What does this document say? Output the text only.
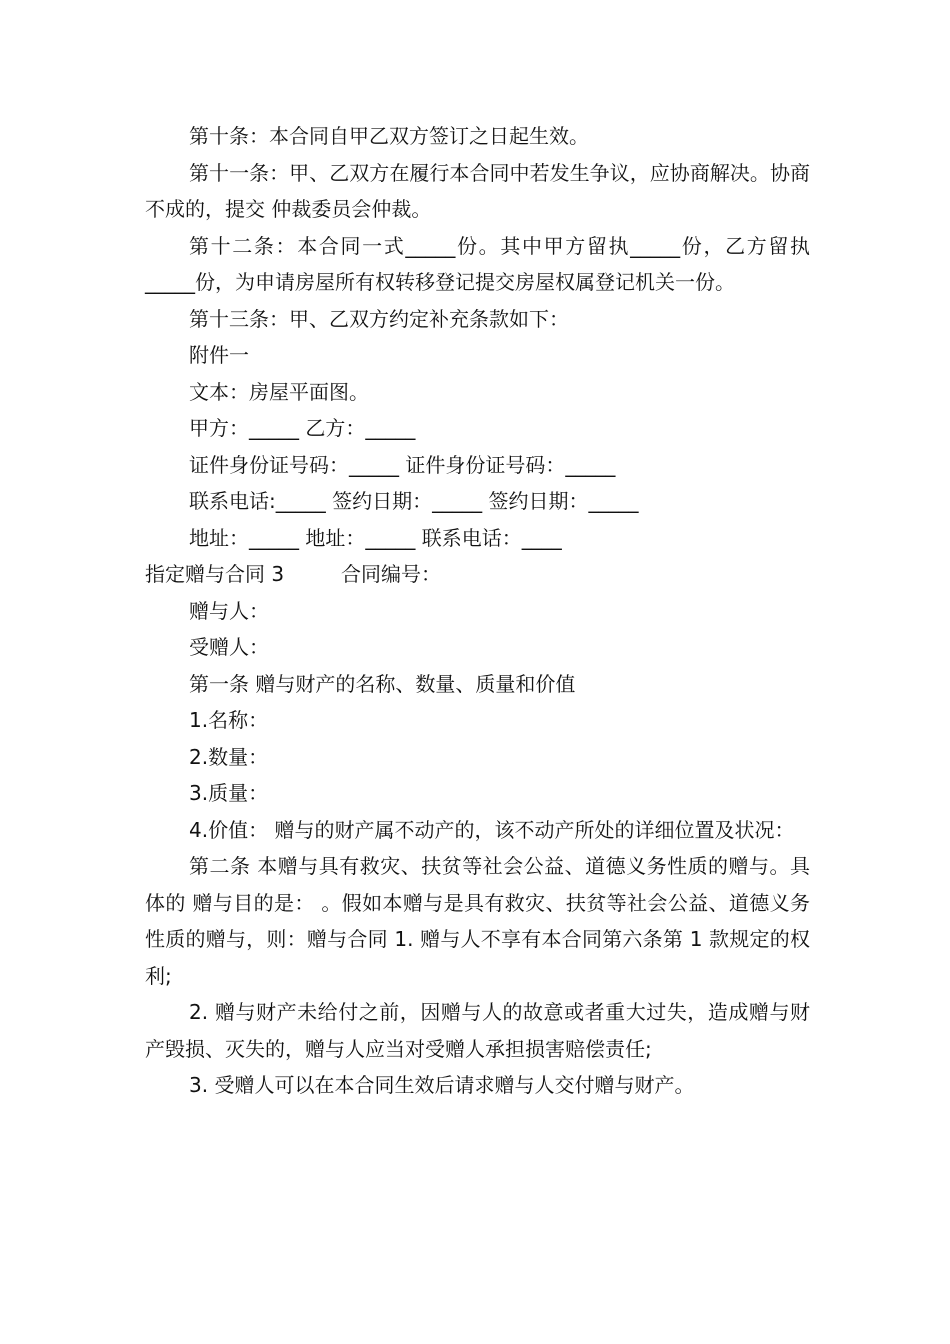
第十条：本合同自甲乙双方签订之日起生效。

第十一条：甲、乙双方在履行本合同中若发生争议，应协商解决。协商不成的，提交 仲裁委员会仲裁。

第十二条：本合同一式_____份。其中甲方留执_____份，乙方留执_____份，为申请房屋所有权转移登记提交房屋权属登记机关一份。

第十三条：甲、乙双方约定补充条款如下：

附件一

文本：房屋平面图。

甲方：_____ 乙方：_____

证件身份证号码：_____ 证件身份证号码：_____

联系电话:_____ 签约日期：_____ 签约日期：_____

地址：_____ 地址：_____ 联系电话：____

指定赠与合同 3	合同编号：

赠与人：

受赠人：

第一条 赠与财产的名称、数量、质量和价值

1.名称：

2.数量：

3.质量：

4.价值： 赠与的财产属不动产的，该不动产所处的详细位置及状况：

第二条 本赠与具有救灾、扶贫等社会公益、道德义务性质的赠与。具体的 赠与目的是： 。假如本赠与是具有救灾、扶贫等社会公益、道德义务性质的赠与，则：赠与合同 1. 赠与人不享有本合同第六条第 1 款规定的权利;

2. 赠与财产未给付之前，因赠与人的故意或者重大过失，造成赠与财产毁损、灭失的，赠与人应当对受赠人承担损害赔偿责任;

3. 受赠人可以在本合同生效后请求赠与人交付赠与财产。
